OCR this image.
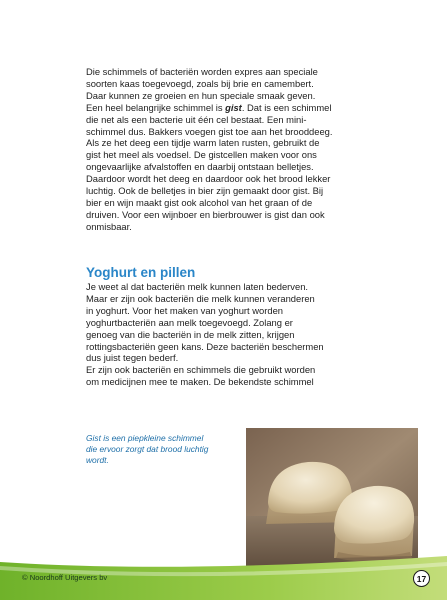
Die schimmels of bacteriën worden expres aan speciale
soorten kaas toegevoegd, zoals bij brie en camembert.
Daar kunnen ze groeien en hun speciale smaak geven.
Een heel belangrijke schimmel is gist. Dat is een schimmel
die net als een bacterie uit één cel bestaat. Een mini-
schimmel dus. Bakkers voegen gist toe aan het brooddeeg.
Als ze het deeg een tijdje warm laten rusten, gebruikt de
gist het meel als voedsel. De gistcellen maken voor ons
ongevaarlijke afvalstoffen en daarbij ontstaan belletjes.
Daardoor wordt het deeg en daardoor ook het brood lekker
luchtig. Ook de belletjes in bier zijn gemaakt door gist. Bij
bier en wijn maakt gist ook alcohol van het graan of de
druiven. Voor een wijnboer en bierbrouwer is gist dan ook
onmisbaar.

Yoghurt en pillen

Je weet al dat bacteriën melk kunnen laten bederven.
Maar er zijn ook bacteriën die melk kunnen veranderen
in yoghurt. Voor het maken van yoghurt worden
yoghurtbacteriën aan melk toegevoegd. Zolang er
genoeg van die bacteriën in de melk zitten, krijgen
rottingsbacteriën geen kans. Deze bacteriën beschermen
dus juist tegen bederf.
Er zijn ook bacteriën en schimmels die gebruikt worden
om medicijnen mee te maken. De bekendste schimmel

Gist is een piepkleine schimmel
die ervoor zorgt dat brood luchtig
wordt.
© Noordhoff Uitgevers bv	17
